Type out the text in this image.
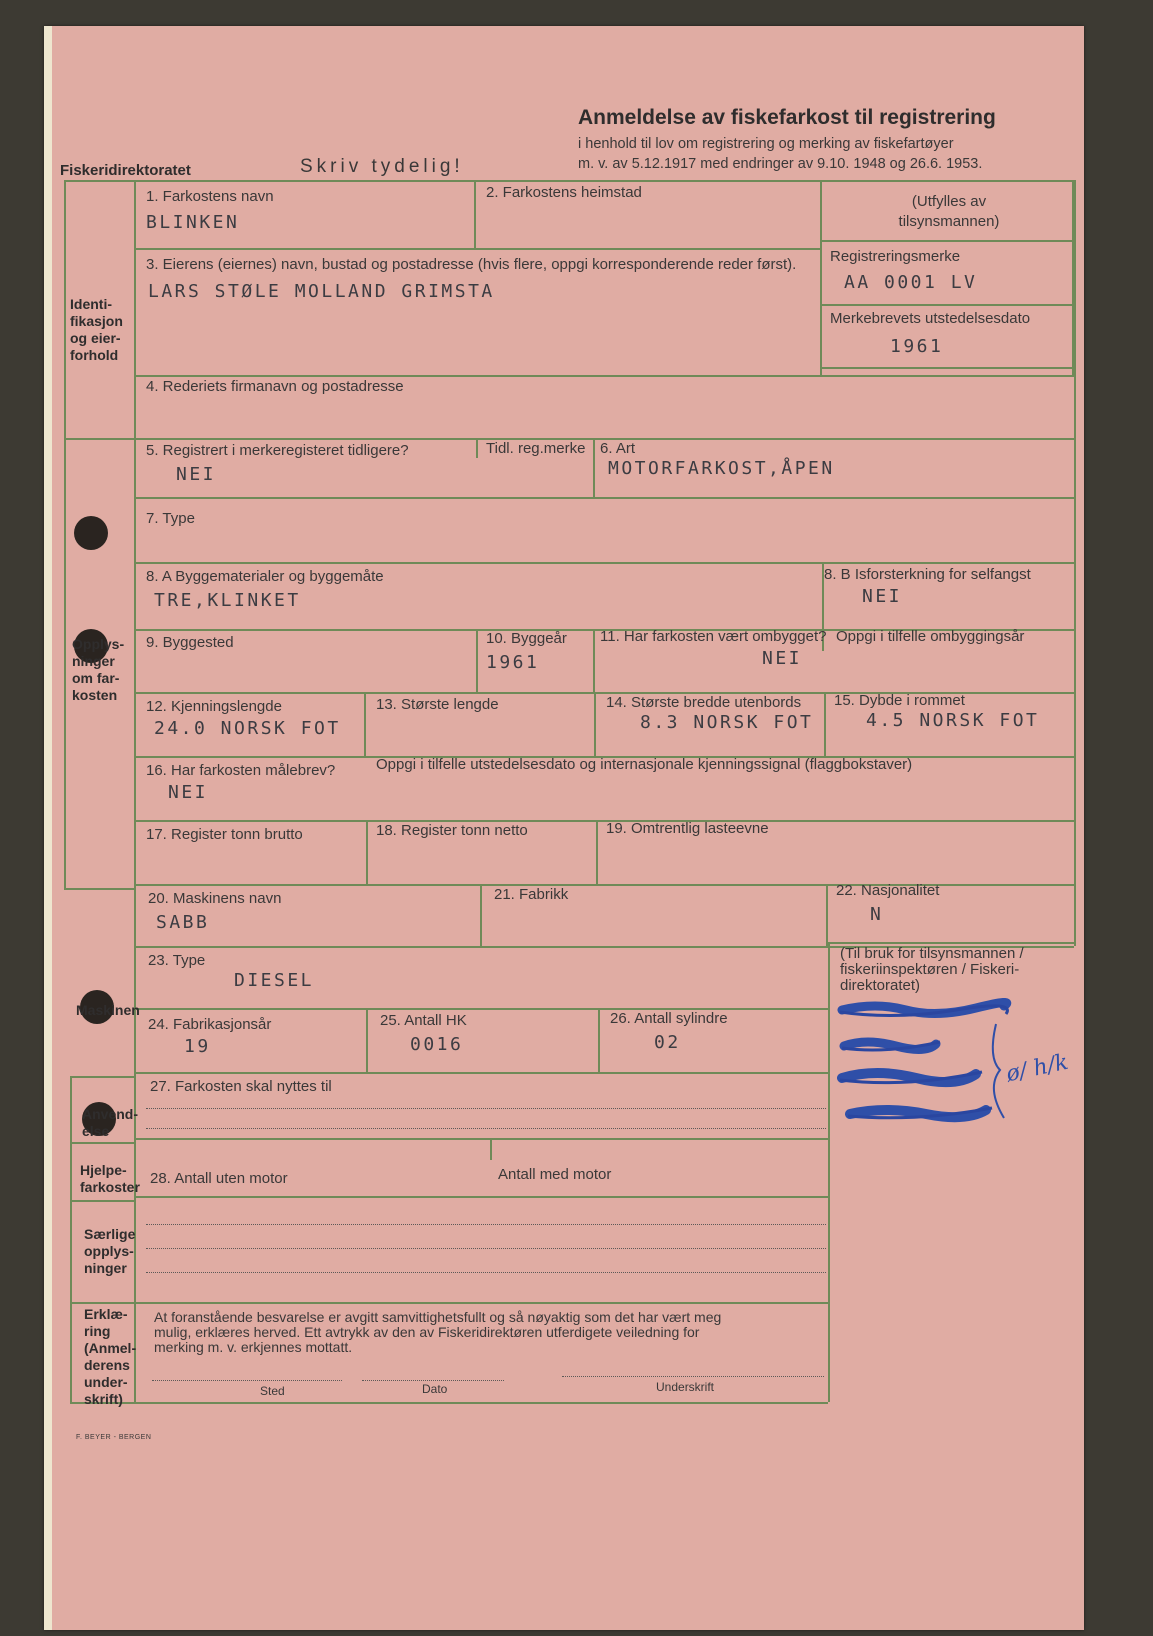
Fiskeridirektoratet	Skriv tydelig!
Anmeldelse av fiskefarkost til registrering
i henhold til lov om registrering og merking av fiskefartøyer
m. v. av 5.12.1917 med endringer av 9.10. 1948 og 26.6. 1953.
Identi-
fikasjon
og eier-
forhold
Opplys-
ninger
om far-
kosten
Maskinen
Anvend-
else
Hjelpe-
farkoster
Særlige
opplys-
ninger
Erklæ-
ring
(Anmel-
derens
under-
skrift)
1. Farkostens navn
BLINKEN
2. Farkostens heimstad
(Utfylles av
tilsynsmannen)
3. Eierens (eiernes) navn, bustad og postadresse (hvis flere, oppgi korresponderende reder først).
LARS STØLE MOLLAND GRIMSTA
Registreringsmerke
AA 0001 LV
Merkebrevets utstedelsesdato
1961
4. Rederiets firmanavn og postadresse
5. Registrert i merkeregisteret tidligere?
NEI
Tidl. reg.merke 6. Art
MOTORFARKOST,ÅPEN
7. Type
8. A Byggematerialer og byggemåte
TRE,KLINKET
8. B Isforsterkning for selfangst
NEI
9. Byggested	10. Byggeår
1961
11. Har farkosten vært ombygget?
NEI
Oppgi i tilfelle ombyggingsår
12. Kjenningslengde
24.0 NORSK FOT
13. Største lengde	14. Største bredde utenbords
8.3 NORSK FOT
15. Dybde i rommet
4.5 NORSK FOT
16. Har farkosten målebrev?
NEI
Oppgi i tilfelle utstedelsesdato og internasjonale kjenningssignal (flaggbokstaver)
17. Register tonn brutto	18. Register tonn netto	19. Omtrentlig lasteevne
20. Maskinens navn
SABB
21. Fabrikk	22. Nasjonalitet
N
23. Type
DIESEL
(Til bruk for tilsynsmannen /
fiskeriinspektøren / Fiskeri-
direktoratet)
ø/ h/k
24. Fabrikasjonsår
19
25. Antall HK
0016
26. Antall sylindre
02
27. Farkosten skal nyttes til
28. Antall uten motor	Antall med motor
At foranstående besvarelse er avgitt samvittighetsfullt og så nøyaktig som det har vært meg
mulig, erklæres herved. Ett avtrykk av den av Fiskeridirektøren utferdigete veiledning for
merking m. v. erkjennes mottatt.
Sted	Dato	Underskrift
F. BEYER - BERGEN
